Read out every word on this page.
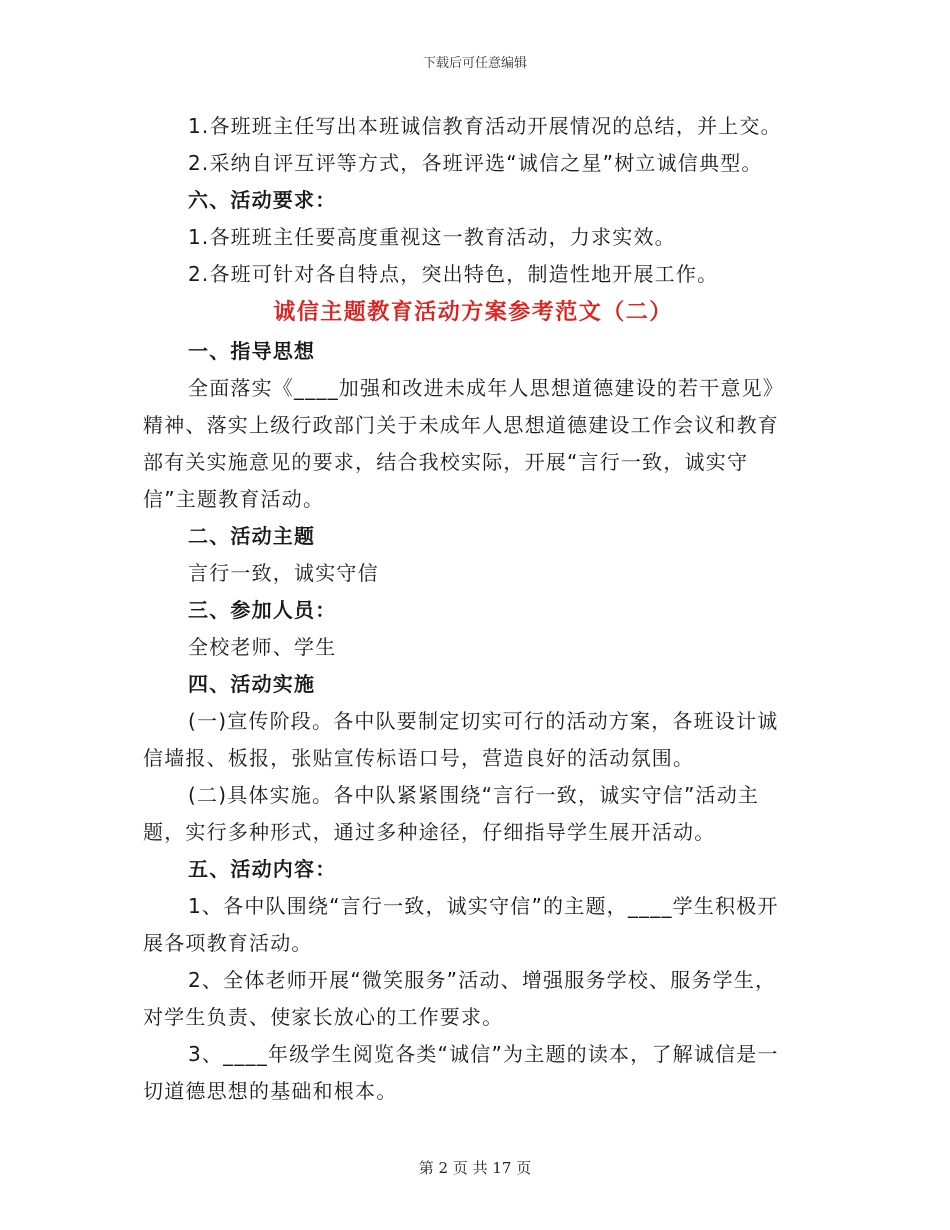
下载后可任意编辑
1.各班班主任写出本班诚信教育活动开展情况的总结，并上交。
2.采纳自评互评等方式，各班评选“诚信之星”树立诚信典型。
六、活动要求：
1.各班班主任要高度重视这一教育活动，力求实效。
2.各班可针对各自特点，突出特色，制造性地开展工作。
诚信主题教育活动方案参考范文（二）
一、指导思想
全面落实《____加强和改进未成年人思想道德建设的若干意见》
精神、落实上级行政部门关于未成年人思想道德建设工作会议和教育
部有关实施意见的要求，结合我校实际，开展“言行一致，诚实守
信”主题教育活动。
二、活动主题
言行一致，诚实守信
三、参加人员：
全校老师、学生
四、活动实施
(一)宣传阶段。各中队要制定切实可行的活动方案，各班设计诚
信墙报、板报，张贴宣传标语口号，营造良好的活动氛围。
(二)具体实施。各中队紧紧围绕“言行一致，诚实守信”活动主
题，实行多种形式，通过多种途径，仔细指导学生展开活动。
五、活动内容：
1、各中队围绕“言行一致，诚实守信”的主题，____学生积极开
展各项教育活动。
2、全体老师开展“微笑服务”活动、增强服务学校、服务学生，
对学生负责、使家长放心的工作要求。
3、____年级学生阅览各类“诚信”为主题的读本，了解诚信是一
切道德思想的基础和根本。
第 2 页 共 17 页
